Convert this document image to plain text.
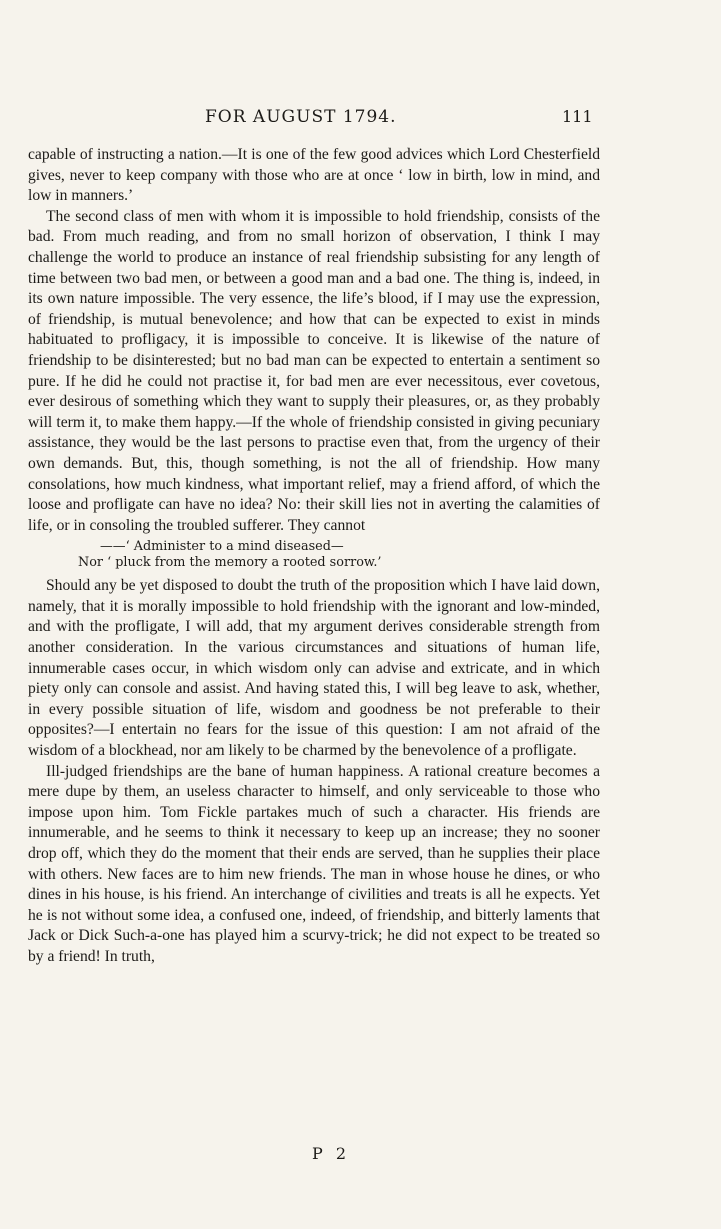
FOR AUGUST 1794.	111

capable of instructing a nation.—It is one of the few good advices which Lord Chesterfield gives, never to keep company with those who are at once ‘ low in birth, low in mind, and low in manners.’

The second class of men with whom it is impossible to hold friendship, consists of the bad. From much reading, and from no small horizon of observation, I think I may challenge the world to produce an instance of real friendship subsisting for any length of time between two bad men, or between a good man and a bad one. The thing is, indeed, in its own nature impossible. The very essence, the life’s blood, if I may use the expression, of friendship, is mutual benevolence; and how that can be expected to exist in minds habituated to profligacy, it is impossible to conceive. It is likewise of the nature of friendship to be disinterested; but no bad man can be expected to entertain a sentiment so pure. If he did he could not practise it, for bad men are ever necessitous, ever covetous, ever desirous of something which they want to supply their pleasures, or, as they probably will term it, to make them happy.—If the whole of friendship consisted in giving pecuniary assistance, they would be the last persons to practise even that, from the urgency of their own demands. But, this, though something, is not the all of friendship. How many consolations, how much kindness, what important relief, may a friend afford, of which the loose and profligate can have no idea? No: their skill lies not in averting the calamities of life, or in consoling the troubled sufferer. They cannot

——‘ Administer to a mind diseased—
Nor ‘ pluck from the memory a rooted sorrow.’

Should any be yet disposed to doubt the truth of the proposition which I have laid down, namely, that it is morally impossible to hold friendship with the ignorant and low-minded, and with the profligate, I will add, that my argument derives considerable strength from another consideration. In the various circumstances and situations of human life, innumerable cases occur, in which wisdom only can advise and extricate, and in which piety only can console and assist. And having stated this, I will beg leave to ask, whether, in every possible situation of life, wisdom and goodness be not preferable to their opposites?—I entertain no fears for the issue of this question: I am not afraid of the wisdom of a blockhead, nor am likely to be charmed by the benevolence of a profligate.

Ill-judged friendships are the bane of human happiness. A rational creature becomes a mere dupe by them, an useless character to himself, and only serviceable to those who impose upon him. Tom Fickle partakes much of such a character. His friends are innumerable, and he seems to think it necessary to keep up an increase; they no sooner drop off, which they do the moment that their ends are served, than he supplies their place with others. New faces are to him new friends. The man in whose house he dines, or who dines in his house, is his friend. An interchange of civilities and treats is all he expects. Yet he is not without some idea, a confused one, indeed, of friendship, and bitterly laments that Jack or Dick Such-a-one has played him a scurvy-trick; he did not expect to be treated so by a friend! In truth,

P 2
